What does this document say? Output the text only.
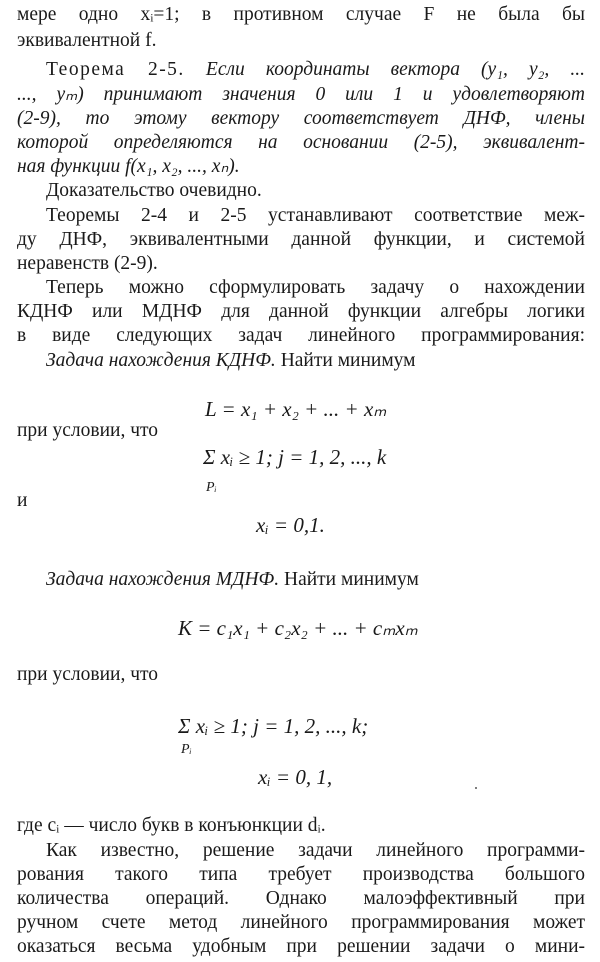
мере одно xᵢ=1; в противном случае F не была бы
эквивалентной f.
Теорема 2-5. Если координаты вектора (y₁, y₂, ...
..., yₘ) принимают значения 0 или 1 и удовлетворяют
(2-9), то этому вектору соответствует ДНФ, члены
которой определяются на основании (2-5), эквивалент-
ная функции f(x₁, x₂, ..., xₙ).
Доказательство очевидно.
Теоремы 2-4 и 2-5 устанавливают соответствие меж-
ду ДНФ, эквивалентными данной функции, и системой
неравенств (2-9).
Теперь можно сформулировать задачу о нахождении
КДНФ или МДНФ для данной функции алгебры логики
в виде следующих задач линейного программирования:
Задача нахождения КДНФ. Найти минимум
L = x₁ + x₂ + ... + xₘ
при условии, что
Σ xᵢ ≥ 1; j = 1, 2, ..., k
Pᵢ
и
xᵢ = 0,1.
Задача нахождения МДНФ. Найти минимум
K = c₁x₁ + c₂x₂ + ... + cₘxₘ
при условии, что
Σ xᵢ ≥ 1; j = 1, 2, ..., k;
Pᵢ
xᵢ = 0, 1,
где cᵢ — число букв в конъюнкции dᵢ.
Как известно, решение задачи линейного программи-
рования такого типа требует производства большого
количества операций. Однако малоэффективный при
ручном счете метод линейного программирования может
оказаться весьма удобным при решении задачи о мини-
